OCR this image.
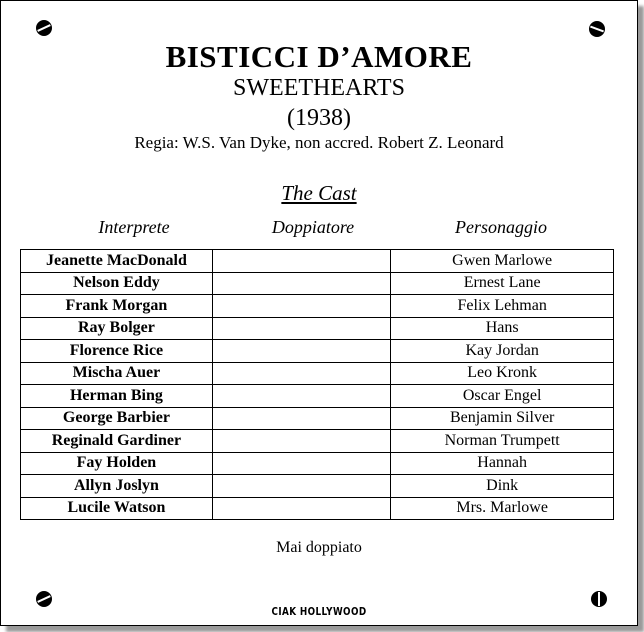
BISTICCI D’AMORE
SWEETHEARTS
(1938)
Regia: W.S. Van Dyke, non accred. Robert Z. Leonard
The Cast
Interprete	Doppiatore	Personaggio
Jeanette MacDonald		Gwen Marlowe
Nelson Eddy		Ernest Lane
Frank Morgan		Felix Lehman
Ray Bolger		Hans
Florence Rice		Kay Jordan
Mischa Auer		Leo Kronk
Herman Bing		Oscar Engel
George Barbier		Benjamin Silver
Reginald Gardiner		Norman Trumpett
Fay Holden		Hannah
Allyn Joslyn		Dink
Lucile Watson		Mrs. Marlowe
Mai doppiato
CIAK HOLLYWOOD
